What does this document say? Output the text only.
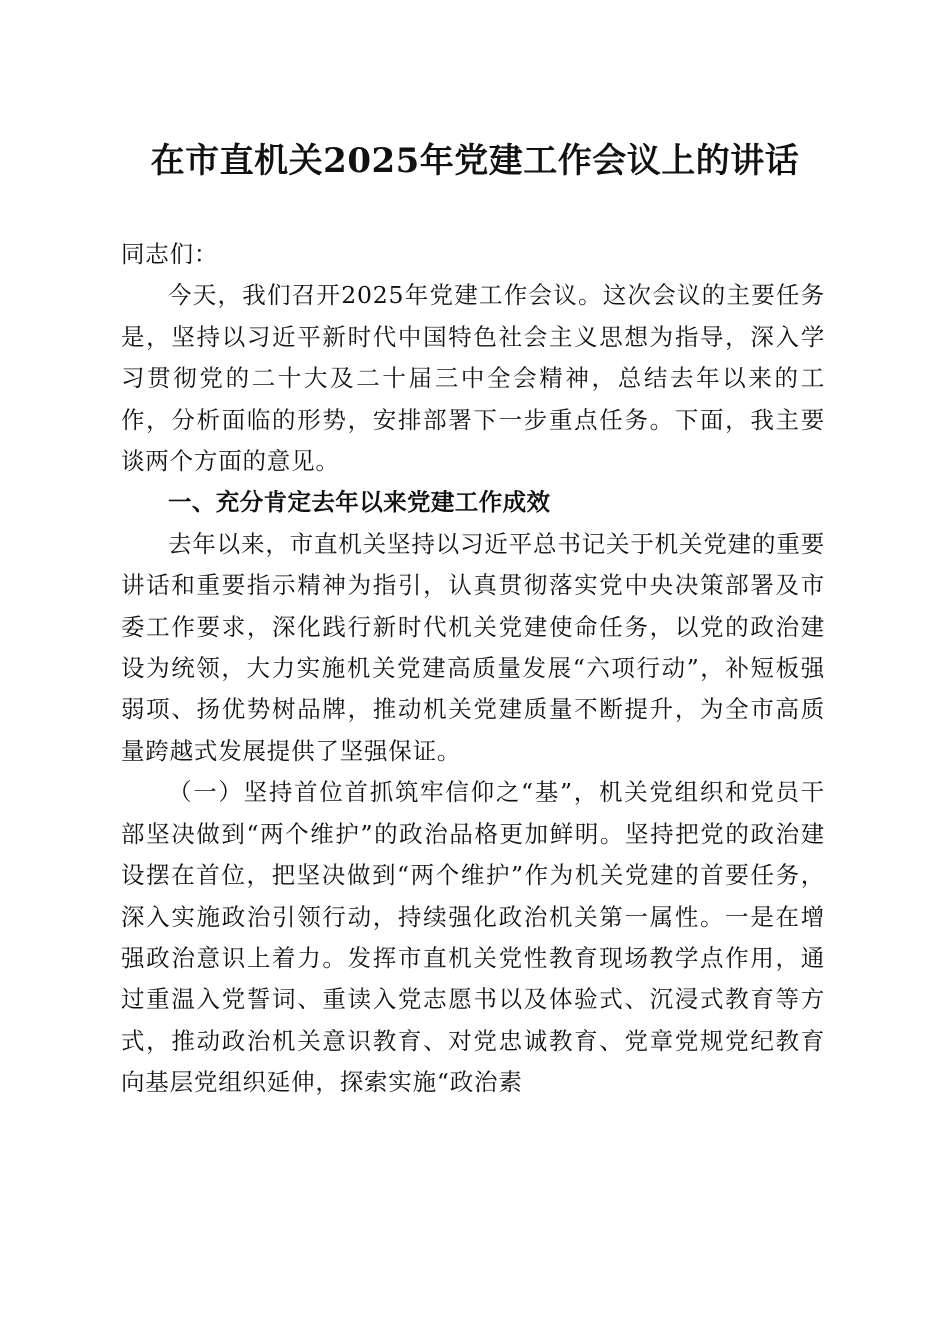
在市直机关2025年党建工作会议上的讲话

同志们：

今天，我们召开2025年党建工作会议。这次会议的主要任务是，坚持以习近平新时代中国特色社会主义思想为指导，深入学习贯彻党的二十大及二十届三中全会精神，总结去年以来的工作，分析面临的形势，安排部署下一步重点任务。下面，我主要谈两个方面的意见。

一、充分肯定去年以来党建工作成效

去年以来，市直机关坚持以习近平总书记关于机关党建的重要讲话和重要指示精神为指引，认真贯彻落实党中央决策部署及市委工作要求，深化践行新时代机关党建使命任务，以党的政治建设为统领，大力实施机关党建高质量发展“六项行动”，补短板强弱项、扬优势树品牌，推动机关党建质量不断提升，为全市高质量跨越式发展提供了坚强保证。

（一）坚持首位首抓筑牢信仰之“基”，机关党组织和党员干部坚决做到“两个维护”的政治品格更加鲜明。坚持把党的政治建设摆在首位，把坚决做到“两个维护”作为机关党建的首要任务，深入实施政治引领行动，持续强化政治机关第一属性。一是在增强政治意识上着力。发挥市直机关党性教育现场教学点作用，通过重温入党誓词、重读入党志愿书以及体验式、沉浸式教育等方式，推动政治机关意识教育、对党忠诚教育、党章党规党纪教育向基层党组织延伸，探索实施“政治素
